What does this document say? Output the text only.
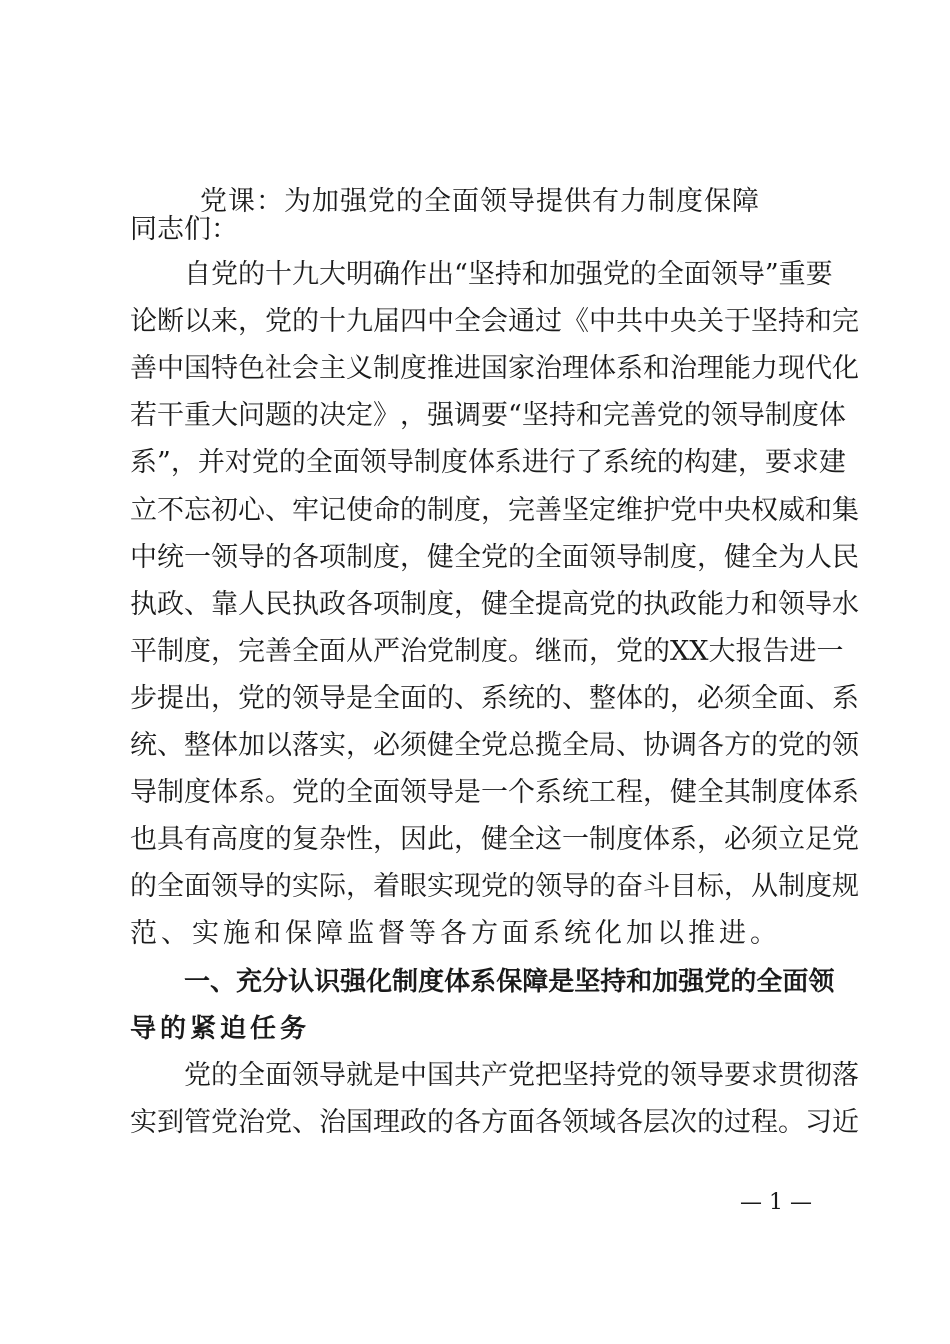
党课：为加强党的全面领导提供有力制度保障
同志们：
自 党 的 十 九 大 明 确 作 出 “ 坚 持 和 加 强 党 的 全 面 领 导 ” 重 要
论 断 以 来 ， 党 的 十 九 届 四 中 全 会 通 过 《 中 共 中 央 关 于 坚 持 和 完
善 中 国 特 色 社 会 主 义 制 度 推 进 国 家 治 理 体 系 和 治 理 能 力 现 代 化
若 干 重 大 问 题 的 决 定 》 ， 强 调 要 “ 坚 持 和 完 善 党 的 领 导 制 度 体
系 ” ， 并 对 党 的 全 面 领 导 制 度 体 系 进 行 了 系 统 的 构 建 ， 要 求 建
立 不 忘 初 心 、 牢 记 使 命 的 制 度 ， 完 善 坚 定 维 护 党 中 央 权 威 和 集
中 统 一 领 导 的 各 项 制 度 ， 健 全 党 的 全 面 领 导 制 度 ， 健 全 为 人 民
执 政 、 靠 人 民 执 政 各 项 制 度 ， 健 全 提 高 党 的 执 政 能 力 和 领 导 水
平 制 度 ， 完 善 全 面 从 严 治 党 制 度 。 继 而 ， 党 的 XX 大 报 告 进 一
步 提 出 ， 党 的 领 导 是 全 面 的 、 系 统 的 、 整 体 的 ， 必 须 全 面 、 系
统 、 整 体 加 以 落 实 ， 必 须 健 全 党 总 揽 全 局 、 协 调 各 方 的 党 的 领
导 制 度 体 系 。 党 的 全 面 领 导 是 一 个 系 统 工 程 ， 健 全 其 制 度 体 系
也 具 有 高 度 的 复 杂 性 ， 因 此 ， 健 全 这 一 制 度 体 系 ， 必 须 立 足 党
的 全 面 领 导 的 实 际 ， 着 眼 实 现 党 的 领 导 的 奋 斗 目 标 ， 从 制 度 规
范、实施和保障监督等各方面系统化加以推进。
一 、 充 分 认 识 强 化 制 度 体 系 保 障 是 坚 持 和 加 强 党 的 全 面 领
导的紧迫任务
党 的 全 面 领 导 就 是 中 国 共 产 党 把 坚 持 党 的 领 导 要 求 贯 彻 落
实 到 管 党 治 党 、 治 国 理 政 的 各 方 面 各 领 域 各 层 次 的 过 程 。 习 近
— 1 —
